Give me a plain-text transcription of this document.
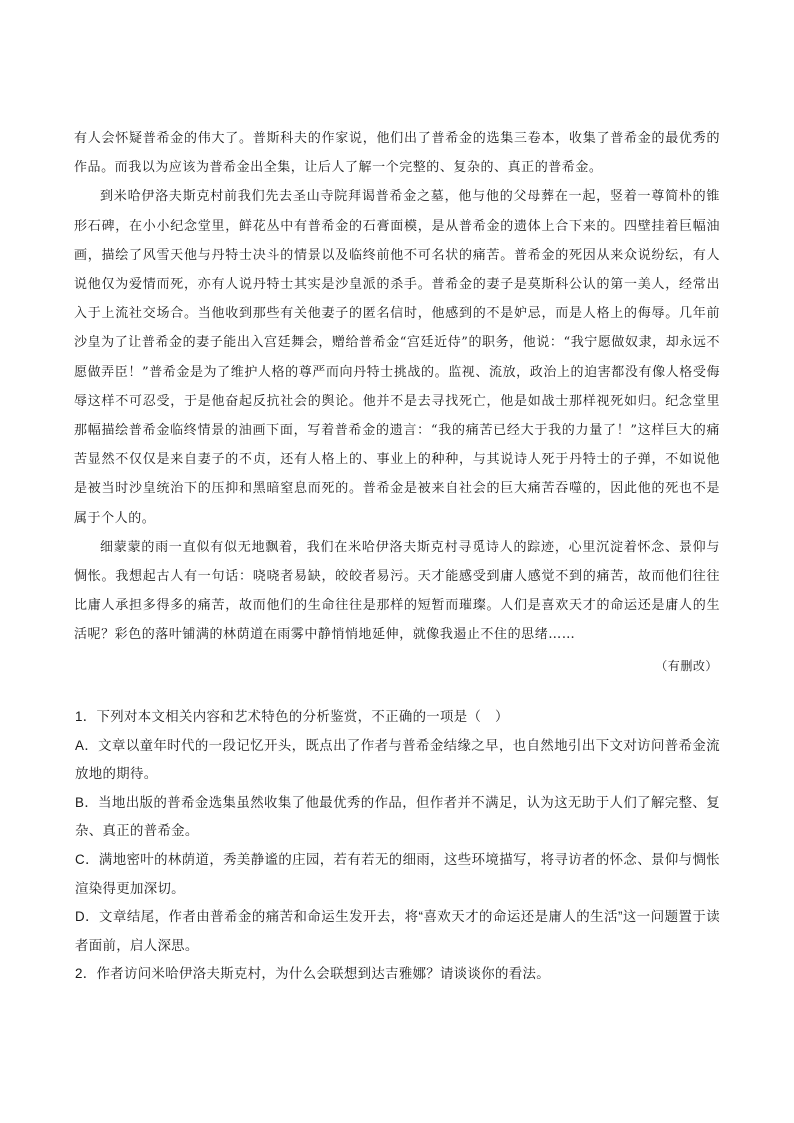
有人会怀疑普希金的伟大了。普斯科夫的作家说，他们出了普希金的选集三卷本，收集了普希金的最优秀的作品。而我以为应该为普希金出全集，让后人了解一个完整的、复杂的、真正的普希金。

到米哈伊洛夫斯克村前我们先去圣山寺院拜谒普希金之墓，他与他的父母葬在一起，竖着一尊简朴的锥形石碑，在小小纪念堂里，鲜花丛中有普希金的石膏面模，是从普希金的遗体上合下来的。四壁挂着巨幅油画，描绘了风雪天他与丹特士决斗的情景以及临终前他不可名状的痛苦。普希金的死因从来众说纷纭，有人说他仅为爱情而死，亦有人说丹特士其实是沙皇派的杀手。普希金的妻子是莫斯科公认的第一美人，经常出入于上流社交场合。当他收到那些有关他妻子的匿名信时，他感到的不是妒忌，而是人格上的侮辱。几年前沙皇为了让普希金的妻子能出入宫廷舞会，赠给普希金“宫廷近侍”的职务，他说：“我宁愿做奴隶，却永远不愿做弄臣！”普希金是为了维护人格的尊严而向丹特士挑战的。监视、流放，政治上的迫害都没有像人格受侮辱这样不可忍受，于是他奋起反抗社会的舆论。他并不是去寻找死亡，他是如战士那样视死如归。纪念堂里那幅描绘普希金临终情景的油画下面，写着普希金的遗言：“我的痛苦已经大于我的力量了！”这样巨大的痛苦显然不仅仅是来自妻子的不贞，还有人格上的、事业上的种种，与其说诗人死于丹特士的子弹，不如说他是被当时沙皇统治下的压抑和黑暗窒息而死的。普希金是被来自社会的巨大痛苦吞噬的，因此他的死也不是属于个人的。

细蒙蒙的雨一直似有似无地飘着，我们在米哈伊洛夫斯克村寻觅诗人的踪迹，心里沉淀着怀念、景仰与惆怅。我想起古人有一句话：哓哓者易缺，皎皎者易污。天才能感受到庸人感觉不到的痛苦，故而他们往往比庸人承担多得多的痛苦，故而他们的生命往往是那样的短暂而璀璨。人们是喜欢天才的命运还是庸人的生活呢？彩色的落叶铺满的林荫道在雨雾中静悄悄地延伸，就像我遏止不住的思绪……

（有删改）

1．下列对本文相关内容和艺术特色的分析鉴赏，不正确的一项是（　）

A．文章以童年时代的一段记忆开头，既点出了作者与普希金结缘之早，也自然地引出下文对访问普希金流放地的期待。

B．当地出版的普希金选集虽然收集了他最优秀的作品，但作者并不满足，认为这无助于人们了解完整、复杂、真正的普希金。

C．满地密叶的林荫道，秀美静谧的庄园，若有若无的细雨，这些环境描写，将寻访者的怀念、景仰与惆怅渲染得更加深切。

D．文章结尾，作者由普希金的痛苦和命运生发开去，将“喜欢天才的命运还是庸人的生活”这一问题置于读者面前，启人深思。

2．作者访问米哈伊洛夫斯克村，为什么会联想到达吉雅娜？请谈谈你的看法。
